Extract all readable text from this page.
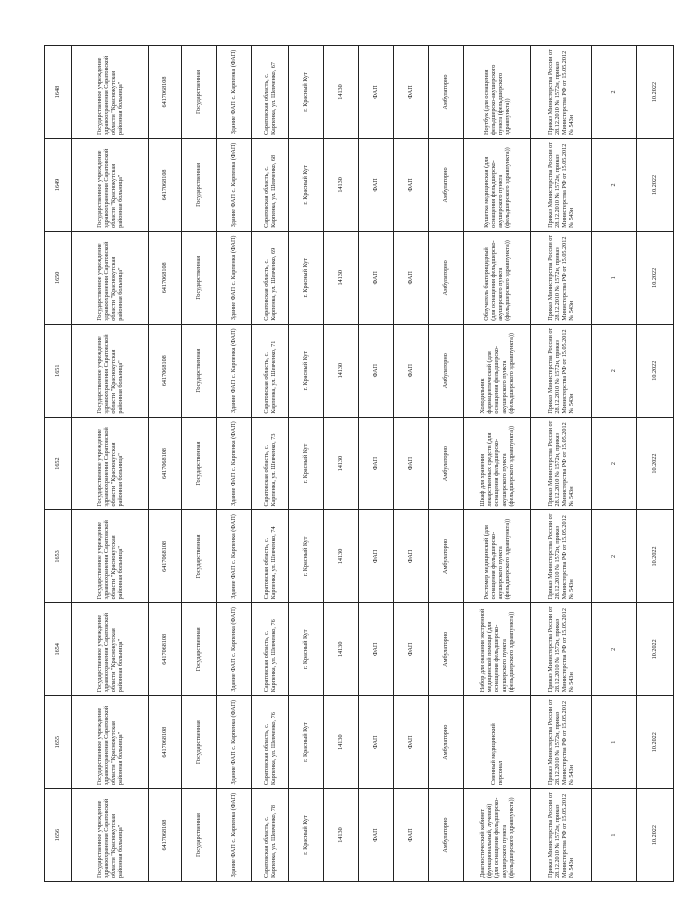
1656	1655	1654	1653	1652	1651	1650	1649	1648
Государственное учреждение здравоохранения Саратовской области "Краснокутская районная больница"	Государственное учреждение здравоохранения Саратовской области "Краснокутская районная больница"	Государственное учреждение здравоохранения Саратовской области "Краснокутская районная больница"	Государственное учреждение здравоохранения Саратовской области "Краснокутская районная больница"	Государственное учреждение здравоохранения Саратовской области "Краснокутская районная больница"	Государственное учреждение здравоохранения Саратовской области "Краснокутская районная больница"	Государственное учреждение здравоохранения Саратовской области "Краснокутская районная больница"	Государственное учреждение здравоохранения Саратовской области "Краснокутская районная больница"	Государственное учреждение здравоохранения Саратовской области "Краснокутская районная больница"
6417068108	6417068108	6417068108	6417068108	6417068108	6417068108	6417068108	6417068108	6417068108
Государственная	Государственная	Государственная	Государственная	Государственная	Государственная	Государственная	Государственная	Государственная
Здание ФАП с. Карпенка (ФАП)	Здание ФАП с. Карпенка (ФАП)	Здание ФАП с. Карпенка (ФАП)	Здание ФАП с. Карпенка (ФАП)	Здание ФАП с. Карпенка (ФАП)	Здание ФАП с. Карпенка (ФАП)	Здание ФАП с. Карпенка (ФАП)	Здание ФАП с. Карпенка (ФАП)	Здание ФАП с. Карпенка (ФАП)
Саратовская область, с. Карпенка, ул. Шевченко, 78	Саратовская область, с. Карпенка, ул. Шевченко, 76	Саратовская область, с. Карпенка, ул. Шевченко, 76	Саратовская область, с. Карпенка, ул. Шевченко, 74	Саратовская область, с. Карпенка, ул. Шевченко, 73	Саратовская область, с. Карпенка, ул. Шевченко, 71	Саратовская область, с. Карпенка, ул. Шевченко, 69	Саратовская область, с. Карпенка, ул. Шевченко, 68	Саратовская область, с. Карпенка, ул. Шевченко, 67
г. Красный Кут	г. Красный Кут	г. Красный Кут	г. Красный Кут	г. Красный Кут	г. Красный Кут	г. Красный Кут	г. Красный Кут	г. Красный Кут
14130	14130	14130	14130	14130	14130	14130	14130	14130
ФАП	ФАП	ФАП	ФАП	ФАП	ФАП	ФАП	ФАП	ФАП
ФАП	ФАП	ФАП	ФАП	ФАП	ФАП	ФАП	ФАП	ФАП
Амбулаторно	Амбулаторно	Амбулаторно	Амбулаторно	Амбулаторно	Амбулаторно	Амбулаторно	Амбулаторно	Амбулаторно
Диагностический кабинет (функциональный, лучевой) (для оснащения фельдшерско-акушерского пункта (фельдшерского здравпункта))	Сменный медицинский персонал	Набор для оказания экстренной медицинской помощи (для оснащения фельдшерско-акушерского пункта (фельдшерского здравпункта))	Ростомер медицинский (для оснащения фельдшерско-акушерского пункта (фельдшерского здравпункта))	Шкаф для хранения лекарственных средств (для оснащения фельдшерско-акушерского пункта (фельдшерского здравпункта))	Холодильник фармацевтический (для оснащения фельдшерско-акушерского пункта (фельдшерского здравпункта))	Облучатель бактерицидный (для оснащения фельдшерско-акушерского пункта (фельдшерского здравпункта))	Кушетка медицинская (для оснащения фельдшерско-акушерского пункта (фельдшерского здравпункта))	Ноутбук (для оснащения фельдшерско-акушерского пункта (фельдшерского здравпункта))
Приказ Министерства России от 28.12.2010 № 1572н, приказ Министерства РФ от 15.05.2012 № 543н	Приказ Министерства России от 28.12.2010 № 1572н, приказ Министерства РФ от 15.05.2012 № 543н	Приказ Министерства России от 28.12.2010 № 1572н, приказ Министерства РФ от 15.05.2012 № 543н	Приказ Министерства России от 28.12.2010 № 1572н, приказ Министерства РФ от 15.05.2012 № 543н	Приказ Министерства России от 28.12.2010 № 1572н, приказ Министерства РФ от 15.05.2012 № 543н	Приказ Министерства России от 28.12.2010 № 1572н, приказ Министерства РФ от 15.05.2012 № 543н	Приказ Министерства России от 28.12.2010 № 1572н, приказ Министерства РФ от 15.05.2012 № 543н	Приказ Министерства России от 28.12.2010 № 1572н, приказ Министерства РФ от 15.05.2012 № 543н	Приказ Министерства России от 28.12.2010 № 1572н, приказ Министерства РФ от 15.05.2012 № 543н
1	1	2	2	2	2	1	2	2
10.2022	10.2022	10.2022	10.2022	10.2022	10.2022	10.2022	10.2022	10.2022
